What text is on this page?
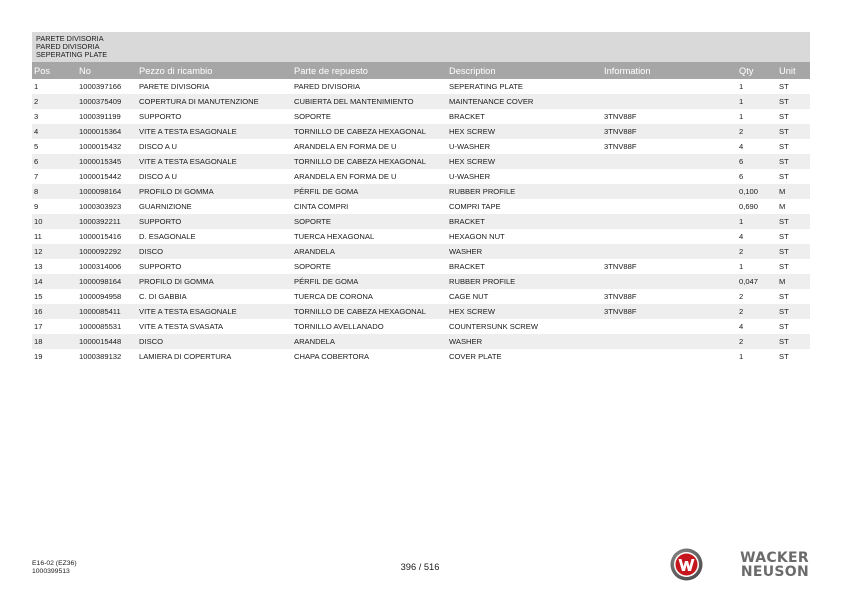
PARETE DIVISORIA
PARED DIVISORIA
SEPERATING PLATE
Pos	No	Pezzo di ricambio	Parte de repuesto	Description	Information	Qty	Unit
1	1000397166	PARETE DIVISORIA	PARED DIVISORIA	SEPERATING PLATE		1	ST
2	1000375409	COPERTURA DI MANUTENZIONE	CUBIERTA DEL MANTENIMIENTO	MAINTENANCE COVER		1	ST
3	1000391199	SUPPORTO	SOPORTE	BRACKET	3TNV88F	1	ST
4	1000015364	VITE A TESTA ESAGONALE	TORNILLO DE CABEZA HEXAGONAL	HEX SCREW	3TNV88F	2	ST
5	1000015432	DISCO A U	ARANDELA EN FORMA DE U	U-WASHER	3TNV88F	4	ST
6	1000015345	VITE A TESTA ESAGONALE	TORNILLO DE CABEZA HEXAGONAL	HEX SCREW		6	ST
7	1000015442	DISCO A U	ARANDELA EN FORMA DE U	U-WASHER		6	ST
8	1000098164	PROFILO DI GOMMA	PÉRFIL DE GOMA	RUBBER PROFILE		0,100	M
9	1000303923	GUARNIZIONE	CINTA COMPRI	COMPRI TAPE		0,690	M
10	1000392211	SUPPORTO	SOPORTE	BRACKET		1	ST
11	1000015416	D. ESAGONALE	TUERCA HEXAGONAL	HEXAGON NUT		4	ST
12	1000092292	DISCO	ARANDELA	WASHER		2	ST
13	1000314006	SUPPORTO	SOPORTE	BRACKET	3TNV88F	1	ST
14	1000098164	PROFILO DI GOMMA	PÉRFIL DE GOMA	RUBBER PROFILE		0,047	M
15	1000094958	C. DI GABBIA	TUERCA DE CORONA	CAGE NUT	3TNV88F	2	ST
16	1000085411	VITE A TESTA ESAGONALE	TORNILLO DE CABEZA HEXAGONAL	HEX SCREW	3TNV88F	2	ST
17	1000085531	VITE A TESTA SVASATA	TORNILLO AVELLANADO	COUNTERSUNK SCREW		4	ST
18	1000015448	DISCO	ARANDELA	WASHER		2	ST
19	1000389132	LAMIERA DI COPERTURA	CHAPA COBERTORA	COVER PLATE		1	ST
E16-02 (EZ36)
1000399513	396 / 516
WACKER
NEUSON
